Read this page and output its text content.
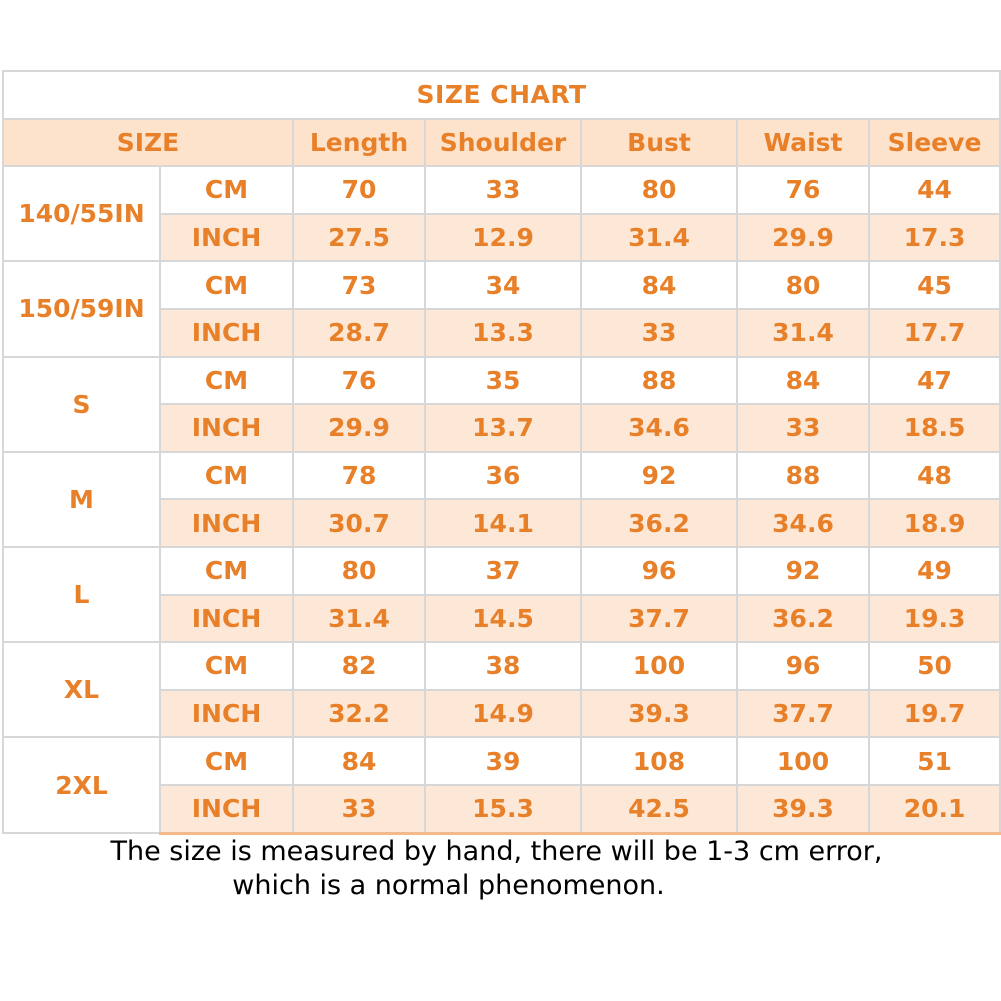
SIZE CHART						
SIZE		Length	Shoulder	Bust	Waist	Sleeve
140/55IN	CM	70	33	80	76	44
	INCH	27.5	12.9	31.4	29.9	17.3
150/59IN	CM	73	34	84	80	45
	INCH	28.7	13.3	33	31.4	17.7
S	CM	76	35	88	84	47
	INCH	29.9	13.7	34.6	33	18.5
M	CM	78	36	92	88	48
	INCH	30.7	14.1	36.2	34.6	18.9
L	CM	80	37	96	92	49
	INCH	31.4	14.5	37.7	36.2	19.3
XL	CM	82	38	100	96	50
	INCH	32.2	14.9	39.3	37.7	19.7
2XL	CM	84	39	108	100	51
	INCH	33	15.3	42.5	39.3	20.1
The size is measured by hand, there will be 1-3 cm error,
which is a normal phenomenon.
